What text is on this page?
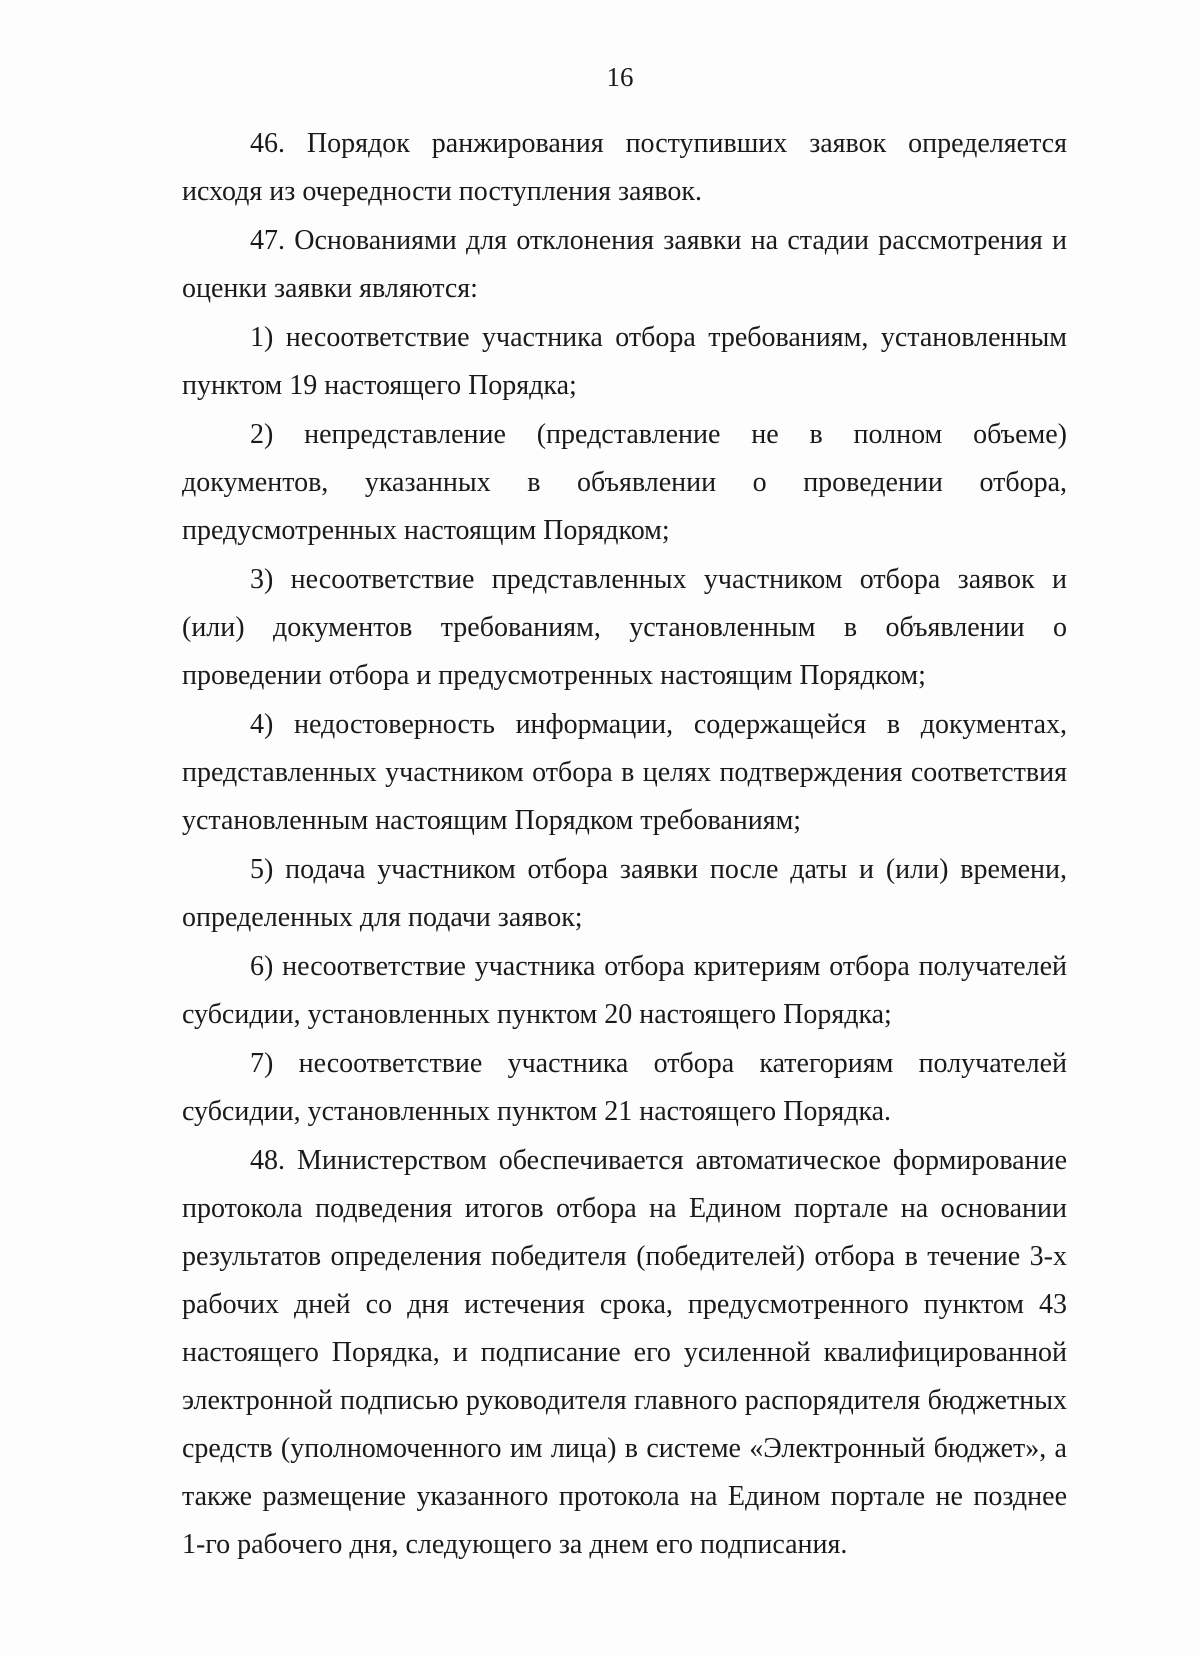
16

46. Порядок ранжирования поступивших заявок определяется исходя из очередности поступления заявок.

47. Основаниями для отклонения заявки на стадии рассмотрения и оценки заявки являются:

1) несоответствие участника отбора требованиям, установленным пунктом 19 настоящего Порядка;

2) непредставление (представление не в полном объеме) документов, указанных в объявлении о проведении отбора, предусмотренных настоящим Порядком;

3) несоответствие представленных участником отбора заявок и (или) документов требованиям, установленным в объявлении о проведении отбора и предусмотренных настоящим Порядком;

4) недостоверность информации, содержащейся в документах, представленных участником отбора в целях подтверждения соответствия установленным настоящим Порядком требованиям;

5) подача участником отбора заявки после даты и (или) времени, определенных для подачи заявок;

6) несоответствие участника отбора критериям отбора получателей субсидии, установленных пунктом 20 настоящего Порядка;

7) несоответствие участника отбора категориям получателей субсидии, установленных пунктом 21 настоящего Порядка.

48. Министерством обеспечивается автоматическое формирование протокола подведения итогов отбора на Едином портале на основании результатов определения победителя (победителей) отбора в течение 3-х рабочих дней со дня истечения срока, предусмотренного пунктом 43 настоящего Порядка, и подписание его усиленной квалифицированной электронной подписью руководителя главного распорядителя бюджетных средств (уполномоченного им лица) в системе «Электронный бюджет», а также размещение указанного протокола на Едином портале не позднее 1-го рабочего дня, следующего за днем его подписания.
